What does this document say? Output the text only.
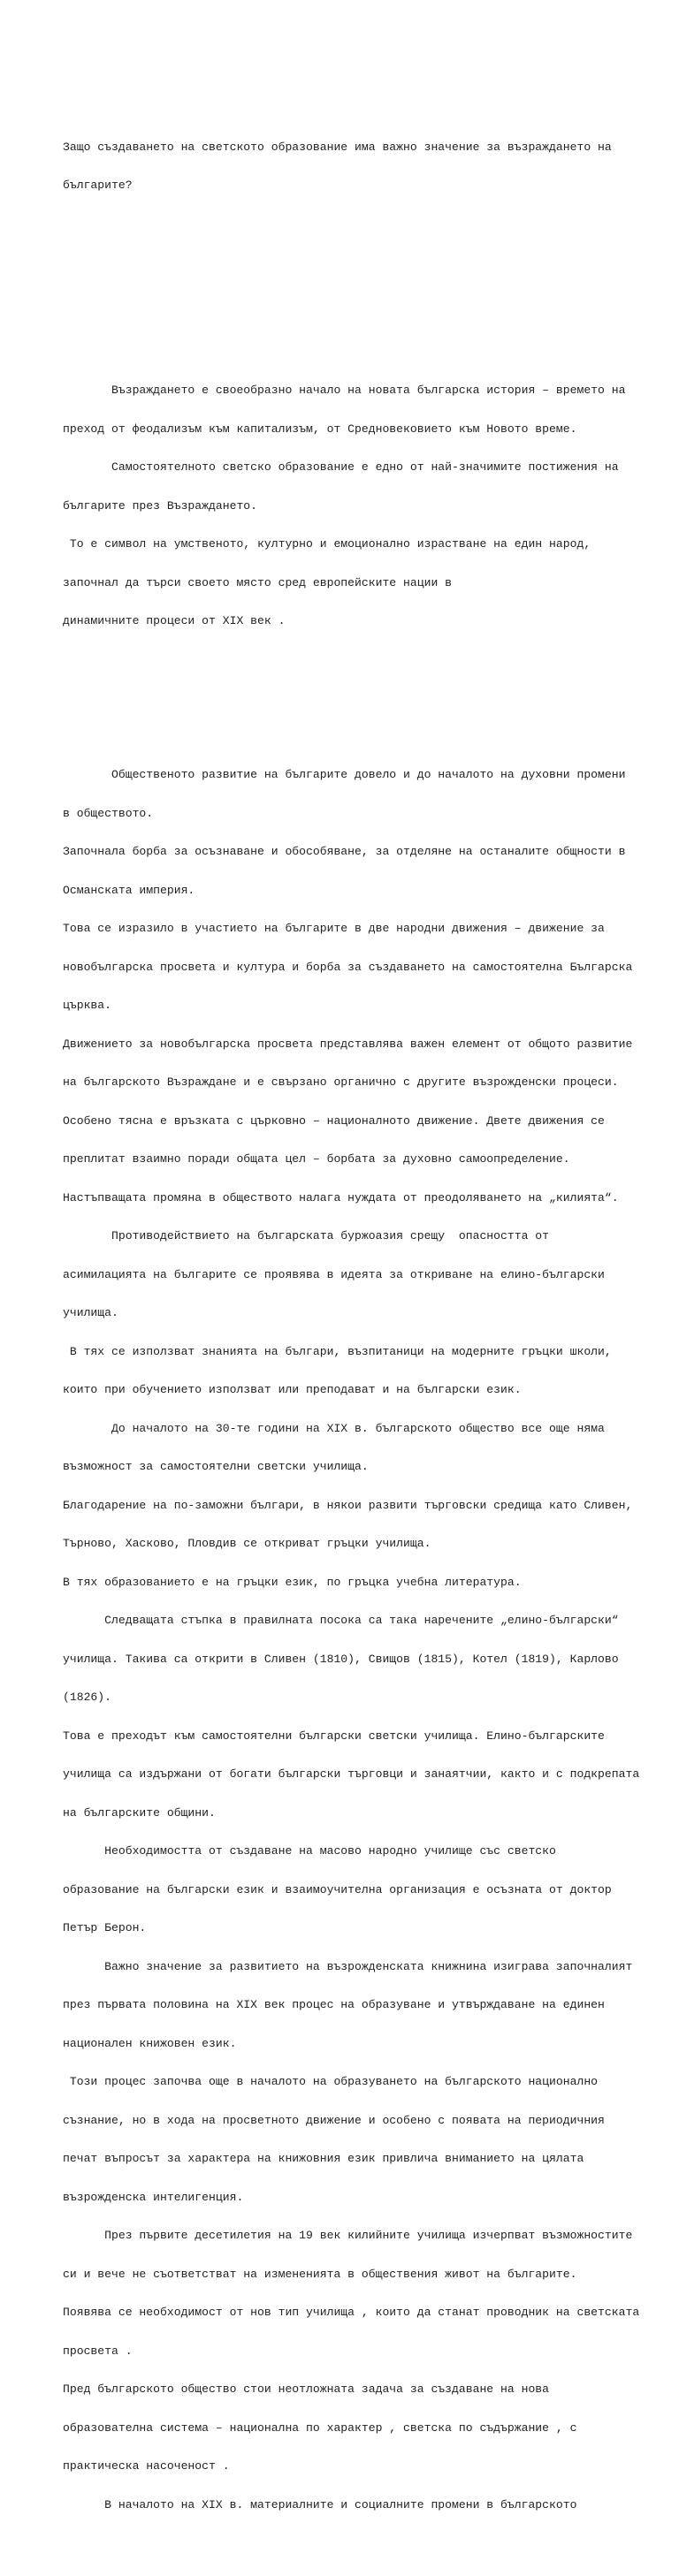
Защо създаването на светското образование има важно значение за възраждането на

българите?

Възраждането е своеобразно начало на новата българска история – времето на

преход от феодализъм към капитализъм, от Средновековието към Новото време.

Самостоятелното светско образование е едно от най-значимите постижения на

българите през Възраждането.

То е символ на умственото, културно и емоционално израстване на един народ,

започнал да търси своето място сред европейските нации в

динамичните процеси от XIX век .

Общественото развитие на българите довело и до началото на духовни промени

в обществото.

Започнала борба за осъзнаване и обособяване, за отделяне на останалите общности в

Османската империя.

Това се изразило в участието на българите в две народни движения – движение за

новобългарска просвета и култура и борба за създаването на самостоятелна Българска

църква.

Движението за новобългарска просвета представлява важен елемент от общото развитие

на българското Възраждане и е свързано органично с другите възрожденски процеси.

Особено тясна е връзката с църковно – националното движение. Двете движения се

преплитат взаимно поради общата цел – борбата за духовно самоопределение.

Настъпващата промяна в обществото налага нуждата от преодоляването на „килията“.

Противодействието на българската буржоазия срещу  опасността от

асимилацията на българите се проявява в идеята за откриване на елино-български

училища.

В тях се използват знанията на българи, възпитаници на модерните гръцки школи,

които при обучението използват или преподават и на български език.

До началото на 30-те години на XIX в. българското общество все още няма

възможност за самостоятелни светски училища.

Благодарение на по-заможни българи, в някои развити търговски средища като Сливен,

Търново, Хасково, Пловдив се откриват гръцки училища.

В тях образованието е на гръцки език, по гръцка учебна литература.

Следващата стъпка в правилната посока са така наречените „елино-български“

училища. Такива са открити в Сливен (1810), Свищов (1815), Котел (1819), Карлово

(1826).

Това е преходът към самостоятелни български светски училища. Елино-българските

училища са издържани от богати български търговци и занаятчии, както и с подкрепата

на българските общини.

Необходимостта от създаване на масово народно училище със светско

образование на български език и взаимоучителна организация е осъзната от доктор

Петър Берон.

Важно значение за развитието на възрожденската книжнина изиграва започналият

през първата половина на XIX век процес на образуване и утвърждаване на единен

национален книжовен език.

Този процес започва още в началото на образуването на българското национално

съзнание, но в хода на просветното движение и особено с появата на периодичния

печат въпросът за характера на книжовния език привлича вниманието на цялата

възрожденска интелигенция.

През първите десетилетия на 19 век килийните училища изчерпват възможностите

си и вече не съответстват на измененията в обществения живот на българите.

Появява се необходимост от нов тип училища , които да станат проводник на светската

просвета .

Пред българското общество стои неотложната задача за създаване на нова

образователна система – национална по характер , светска по съдържание , с

практическа насоченост .

В началото на XIX в. материалните и социалните промени в българското
